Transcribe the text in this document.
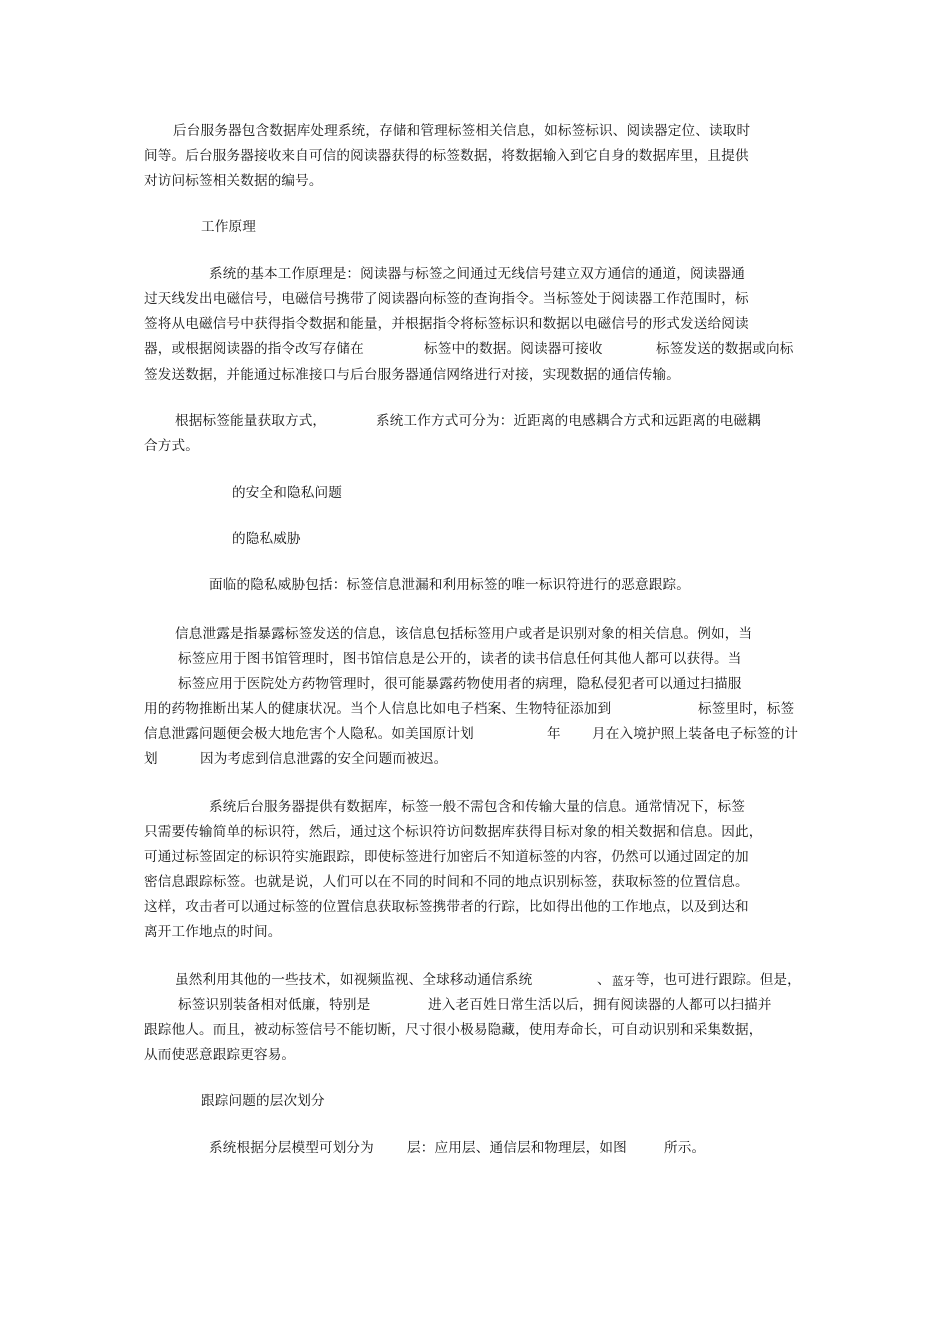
后台服务器包含数据库处理系统，存储和管理标签相关信息，如标签标识、阅读器定位、读取时
间等。后台服务器接收来自可信的阅读器获得的标签数据，将数据输入到它自身的数据库里，且提供
对访问标签相关数据的编号。
工作原理
系统的基本工作原理是：阅读器与标签之间通过无线信号建立双方通信的通道，阅读器通
过天线发出电磁信号，电磁信号携带了阅读器向标签的查询指令。当标签处于阅读器工作范围时，标
签将从电磁信号中获得指令数据和能量，并根据指令将标签标识和数据以电磁信号的形式发送给阅读
器，或根据阅读器的指令改写存储在	标签中的数据。阅读器可接收	标签发送的数据或向标
签发送数据，并能通过标准接口与后台服务器通信网络进行对接，实现数据的通信传输。
根据标签能量获取方式，	系统工作方式可分为：近距离的电感耦合方式和远距离的电磁耦
合方式。
的安全和隐私问题
的隐私威胁
面临的隐私威胁包括：标签信息泄漏和利用标签的唯一标识符进行的恶意跟踪。
信息泄露是指暴露标签发送的信息，该信息包括标签用户或者是识别对象的相关信息。例如，当
标签应用于图书馆管理时，图书馆信息是公开的，读者的读书信息任何其他人都可以获得。当
标签应用于医院处方药物管理时，很可能暴露药物使用者的病理，隐私侵犯者可以通过扫描服
用的药物推断出某人的健康状况。当个人信息比如电子档案、生物特征添加到	标签里时，标签
信息泄露问题便会极大地危害个人隐私。如美国原计划	年 月在入境护照上装备电子标签的计
划	因为考虑到信息泄露的安全问题而被迟。
系统后台服务器提供有数据库，标签一般不需包含和传输大量的信息。通常情况下，标签
只需要传输简单的标识符，然后，通过这个标识符访问数据库获得目标对象的相关数据和信息。因此，
可通过标签固定的标识符实施跟踪，即使标签进行加密后不知道标签的内容，仍然可以通过固定的加
密信息跟踪标签。也就是说，人们可以在不同的时间和不同的地点识别标签，获取标签的位置信息。
这样，攻击者可以通过标签的位置信息获取标签携带者的行踪，比如得出他的工作地点，以及到达和
离开工作地点的时间。
虽然利用其他的一些技术，如视频监视、全球移动通信系统	、 蓝牙 等，也可进行跟踪。但是，
标签识别装备相对低廉，特别是	进入老百姓日常生活以后，拥有阅读器的人都可以扫描并
跟踪他人。而且，被动标签信号不能切断，尺寸很小极易隐藏，使用寿命长，可自动识别和采集数据，
从而使恶意跟踪更容易。
跟踪问题的层次划分
系统根据分层模型可划分为 层：应用层、通信层和物理层，如图	所示。
